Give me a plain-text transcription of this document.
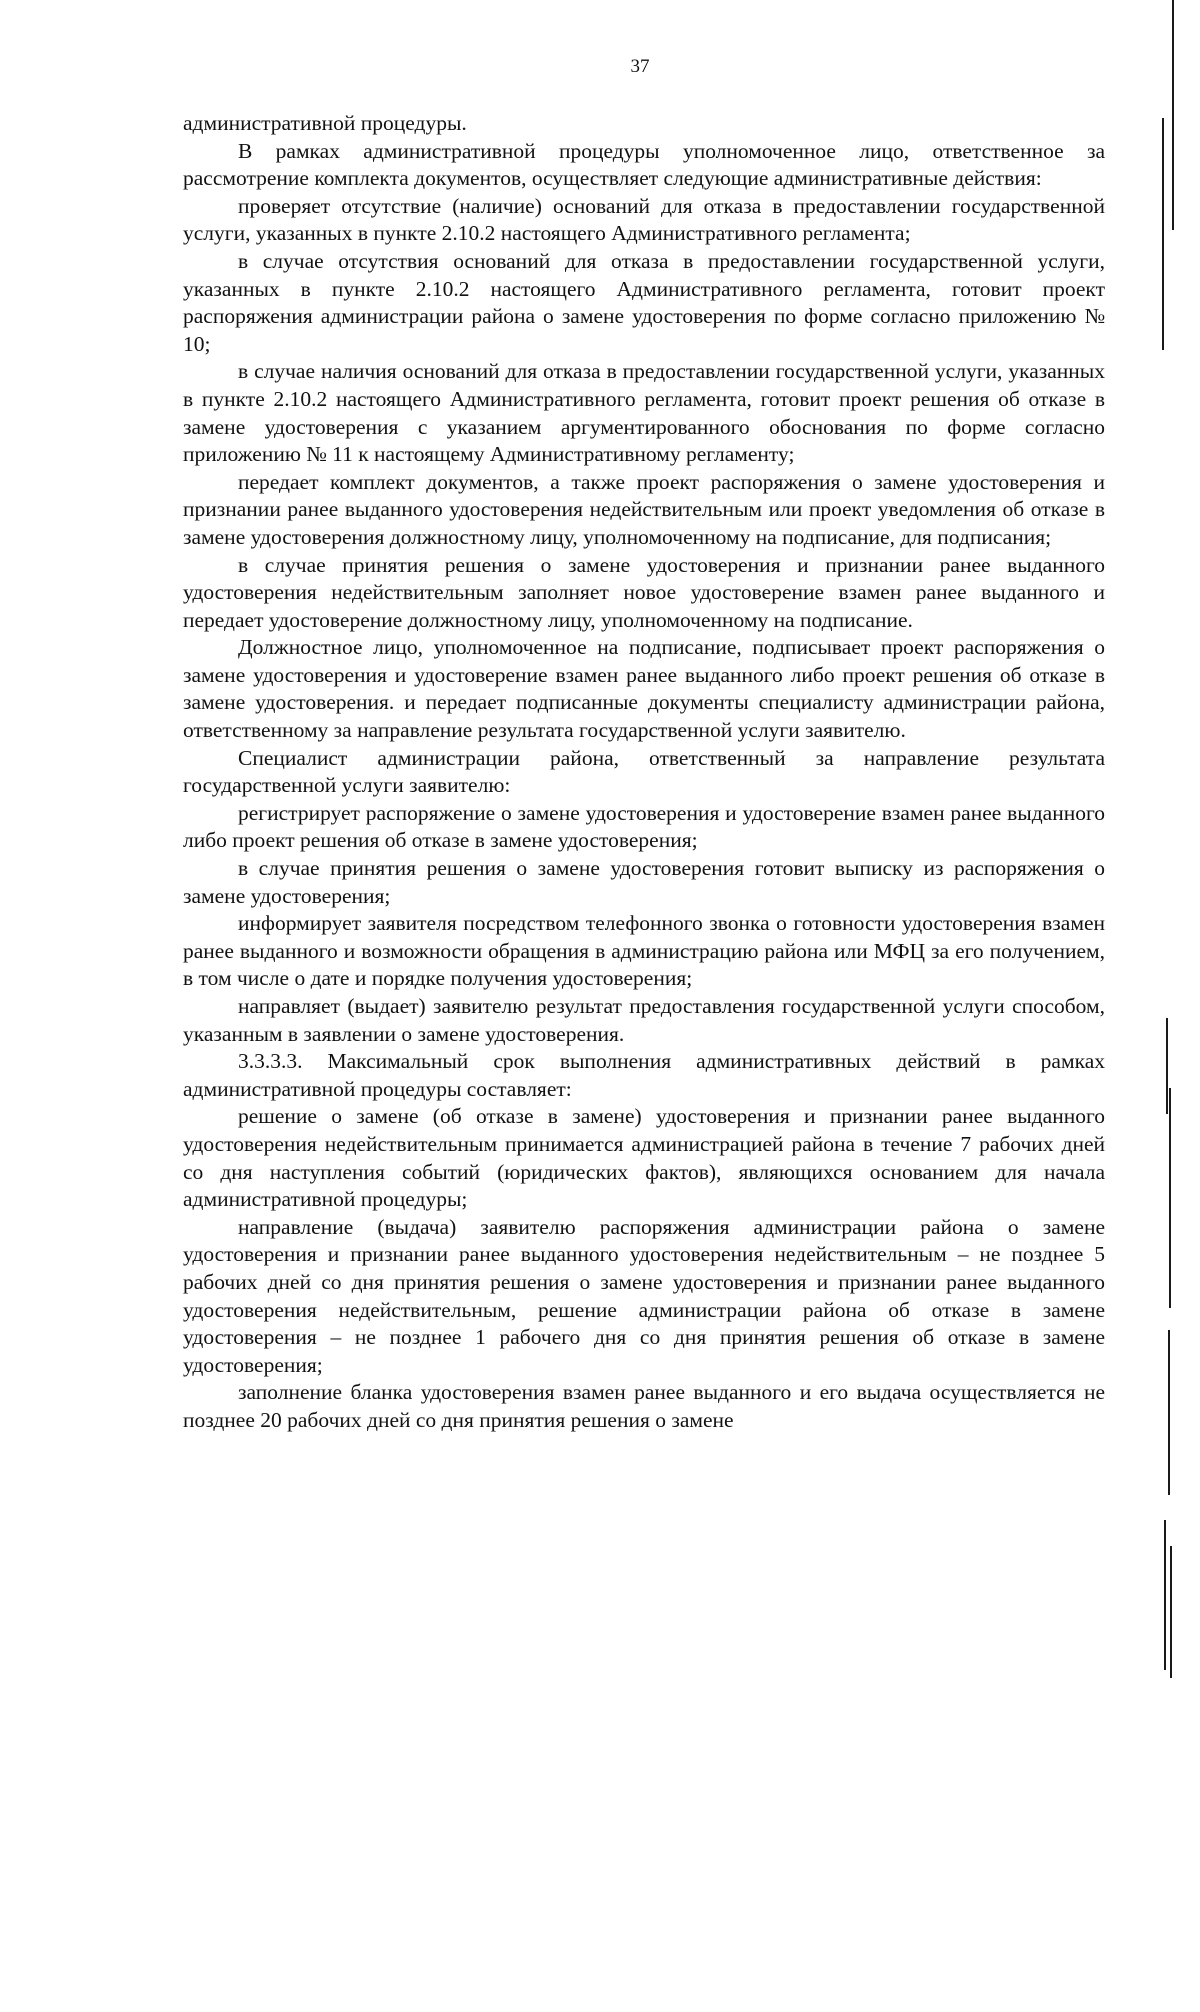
37

административной процедуры.

В рамках административной процедуры уполномоченное лицо, ответственное за рассмотрение комплекта документов, осуществляет следующие административные действия:

проверяет отсутствие (наличие) оснований для отказа в предоставлении государственной услуги, указанных в пункте 2.10.2 настоящего Административного регламента;

в случае отсутствия оснований для отказа в предоставлении государственной услуги, указанных в пункте 2.10.2 настоящего Административного регламента, готовит проект распоряжения администрации района о замене удостоверения по форме согласно приложению № 10;

в случае наличия оснований для отказа в предоставлении государственной услуги, указанных в пункте 2.10.2 настоящего Административного регламента, готовит проект решения об отказе в замене удостоверения с указанием аргументированного обоснования по форме согласно приложению № 11 к настоящему Административному регламенту;

передает комплект документов, а также проект распоряжения о замене удостоверения и признании ранее выданного удостоверения недействительным или проект уведомления об отказе в замене удостоверения должностному лицу, уполномоченному на подписание, для подписания;

в случае принятия решения о замене удостоверения и признании ранее выданного удостоверения недействительным заполняет новое удостоверение взамен ранее выданного и передает удостоверение должностному лицу, уполномоченному на подписание.

Должностное лицо, уполномоченное на подписание, подписывает проект распоряжения о замене удостоверения и удостоверение взамен ранее выданного либо проект решения об отказе в замене удостоверения. и передает подписанные документы специалисту администрации района, ответственному за направление результата государственной услуги заявителю.

Специалист администрации района, ответственный за направление результата государственной услуги заявителю:

регистрирует распоряжение о замене удостоверения и удостоверение взамен ранее выданного либо проект решения об отказе в замене удостоверения;

в случае принятия решения о замене удостоверения готовит выписку из распоряжения о замене удостоверения;

информирует заявителя посредством телефонного звонка о готовности удостоверения взамен ранее выданного и возможности обращения в администрацию района или МФЦ за его получением, в том числе о дате и порядке получения удостоверения;

направляет (выдает) заявителю результат предоставления государственной услуги способом, указанным в заявлении о замене удостоверения.

3.3.3.3. Максимальный срок выполнения административных действий в рамках административной процедуры составляет:

решение о замене (об отказе в замене) удостоверения и признании ранее выданного удостоверения недействительным принимается администрацией района в течение 7 рабочих дней со дня наступления событий (юридических фактов), являющихся основанием для начала административной процедуры;

направление (выдача) заявителю распоряжения администрации района о замене удостоверения и признании ранее выданного удостоверения недействительным – не позднее 5 рабочих дней со дня принятия решения о замене удостоверения и признании ранее выданного удостоверения недействительным, решение администрации района об отказе в замене удостоверения – не позднее 1 рабочего дня со дня принятия решения об отказе в замене удостоверения;

заполнение бланка удостоверения взамен ранее выданного и его выдача осуществляется не позднее 20 рабочих дней со дня принятия решения о замене
